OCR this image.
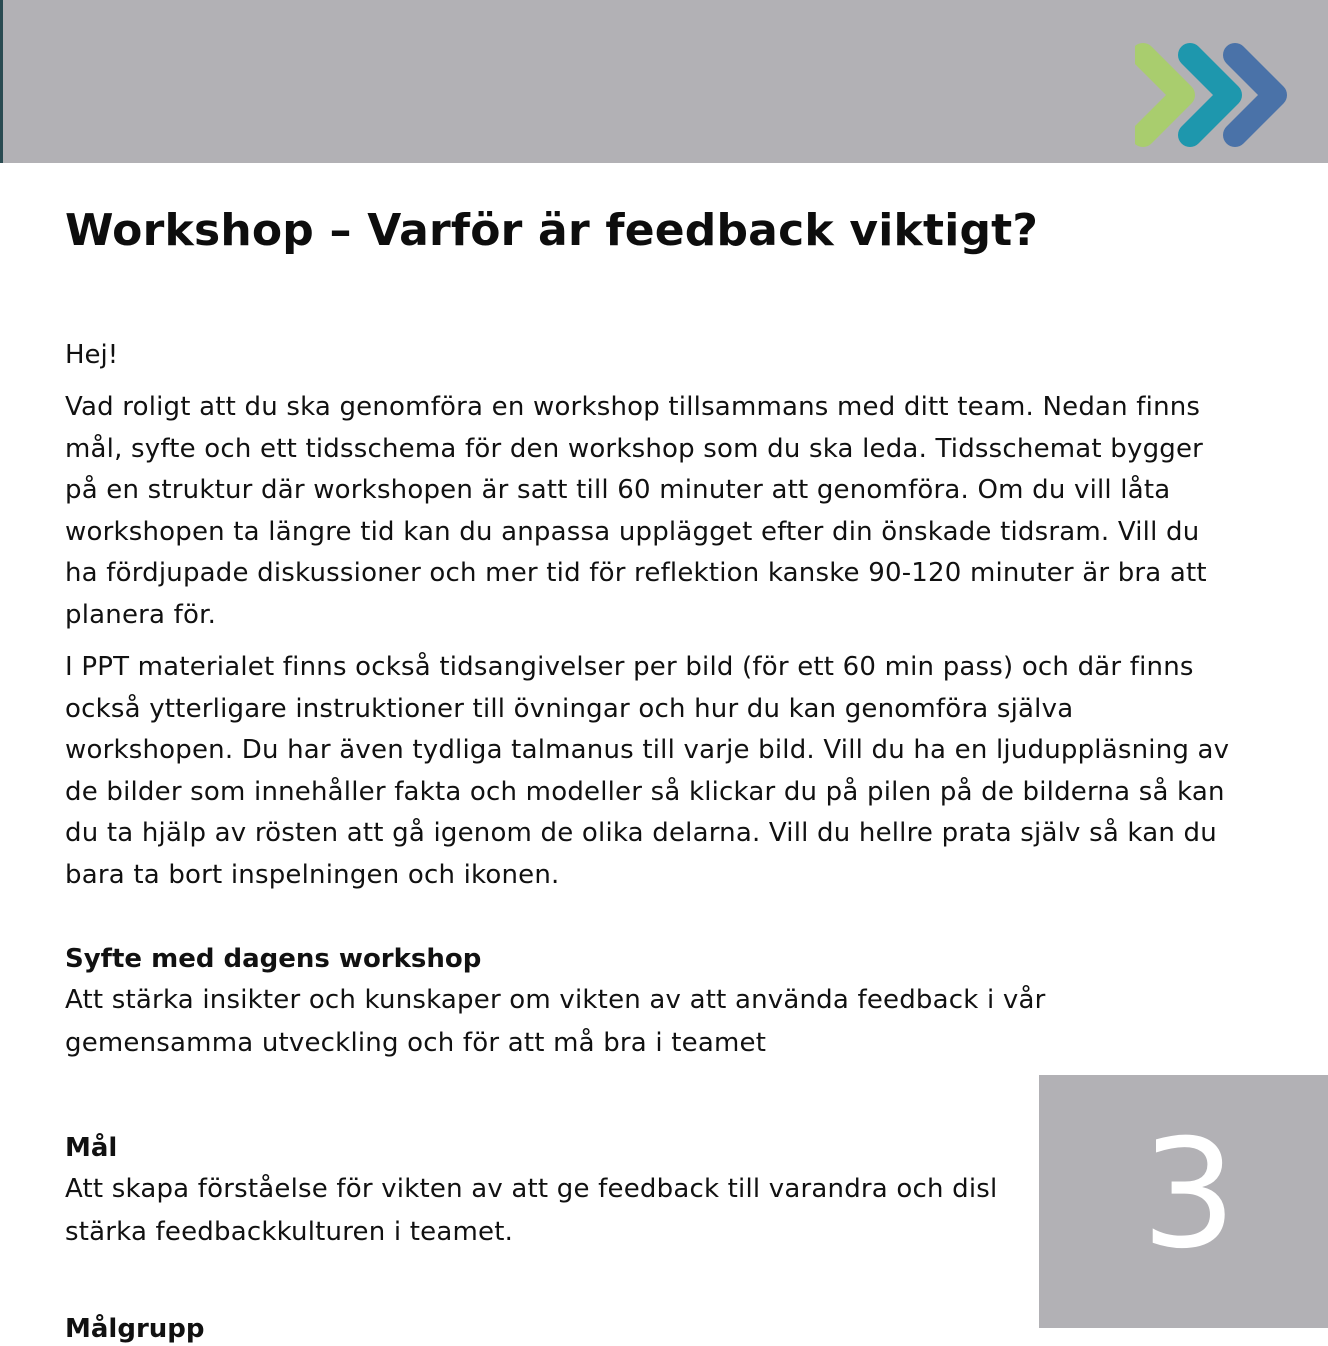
Workshop – Varför är feedback viktigt?

Hej!

Vad roligt att du ska genomföra en workshop tillsammans med ditt team. Nedan finns
mål, syfte och ett tidsschema för den workshop som du ska leda. Tidsschemat bygger
på en struktur där workshopen är satt till 60 minuter att genomföra. Om du vill låta
workshopen ta längre tid kan du anpassa upplägget efter din önskade tidsram. Vill du
ha fördjupade diskussioner och mer tid för reflektion kanske 90-120 minuter är bra att
planera för.

I PPT materialet finns också tidsangivelser per bild (för ett 60 min pass) och där finns
också ytterligare instruktioner till övningar och hur du kan genomföra själva
workshopen. Du har även tydliga talmanus till varje bild. Vill du ha en ljuduppläsning av
de bilder som innehåller fakta och modeller så klickar du på pilen på de bilderna så kan
du ta hjälp av rösten att gå igenom de olika delarna. Vill du hellre prata själv så kan du
bara ta bort inspelningen och ikonen.

Syfte med dagens workshop

Att stärka insikter och kunskaper om vikten av att använda feedback i vår
gemensamma utveckling och för att må bra i teamet

Mål

Att skapa förståelse för vikten av att ge feedback till varandra och disl
stärka feedbackkulturen i teamet.

Målgrupp
3
